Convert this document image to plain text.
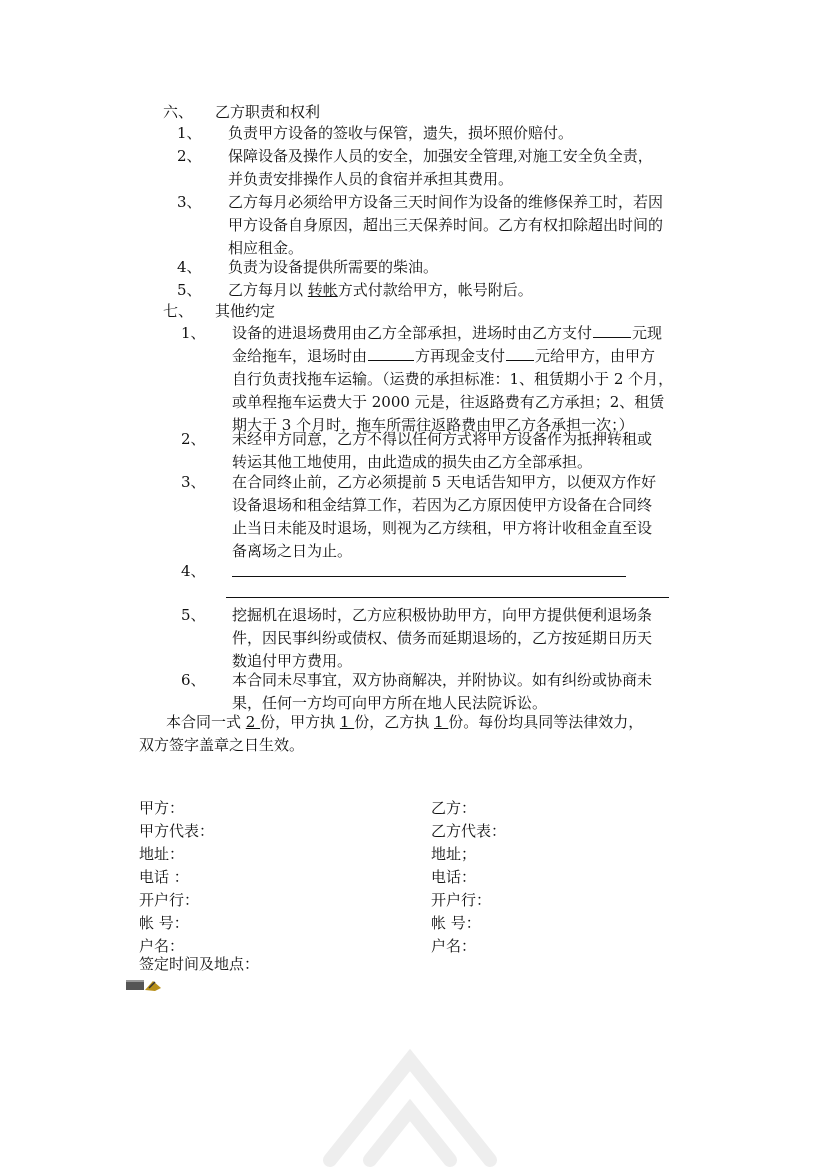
六、 乙方职责和权利
1、 负责甲方设备的签收与保管，遗失，损坏照价赔付。
2、 保障设备及操作人员的安全，加强安全管理,对施工安全负全责，
并负责安排操作人员的食宿并承担其费用。
3、 乙方每月必须给甲方设备三天时间作为设备的维修保养工时，若因
甲方设备自身原因，超出三天保养时间。乙方有权扣除超出时间的
相应租金。
4、 负责为设备提供所需要的柴油。
5、 乙方每月以 转帐方式付款给甲方，帐号附后。
七、 其他约定
1、 设备的进退场费用由乙方全部承担，进场时由乙方支付	元现
金给拖车，退场时由	方再现金支付 元给甲方，由甲方
自行负责找拖车运输。（运费的承担标准：1、租赁期小于 2 个月，
或单程拖车运费大于 2000 元是，往返路费有乙方承担；2、租赁
期大于 3 个月时，拖车所需往返路费由甲乙方各承担一次；）
2、 未经甲方同意，乙方不得以任何方式将甲方设备作为抵押转租或
转运其他工地使用，由此造成的损失由乙方全部承担。
3、 在合同终止前，乙方必须提前 5 天电话告知甲方，以便双方作好
设备退场和租金结算工作，若因为乙方原因使甲方设备在合同终
止当日未能及时退场，则视为乙方续租，甲方将计收租金直至设
备离场之日为止。
4、
5、 挖掘机在退场时，乙方应积极协助甲方，向甲方提供便利退场条
件，因民事纠纷或债权、债务而延期退场的，乙方按延期日历天
数追付甲方费用。
6、 本合同未尽事宜，双方协商解决，并附协议。如有纠纷或协商未
果，任何一方均可向甲方所在地人民法院诉讼。
本合同一式 2 份，甲方执 1 份，乙方执 1 份。每份均具同等法律效力，
双方签字盖章之日生效。
甲方：
甲方代表：
地址：
电话 ：
开户行：
帐 号：
户名：
乙方：
乙方代表：
地址；
电话：
开户行：
帐 号：
户名：
签定时间及地点：
